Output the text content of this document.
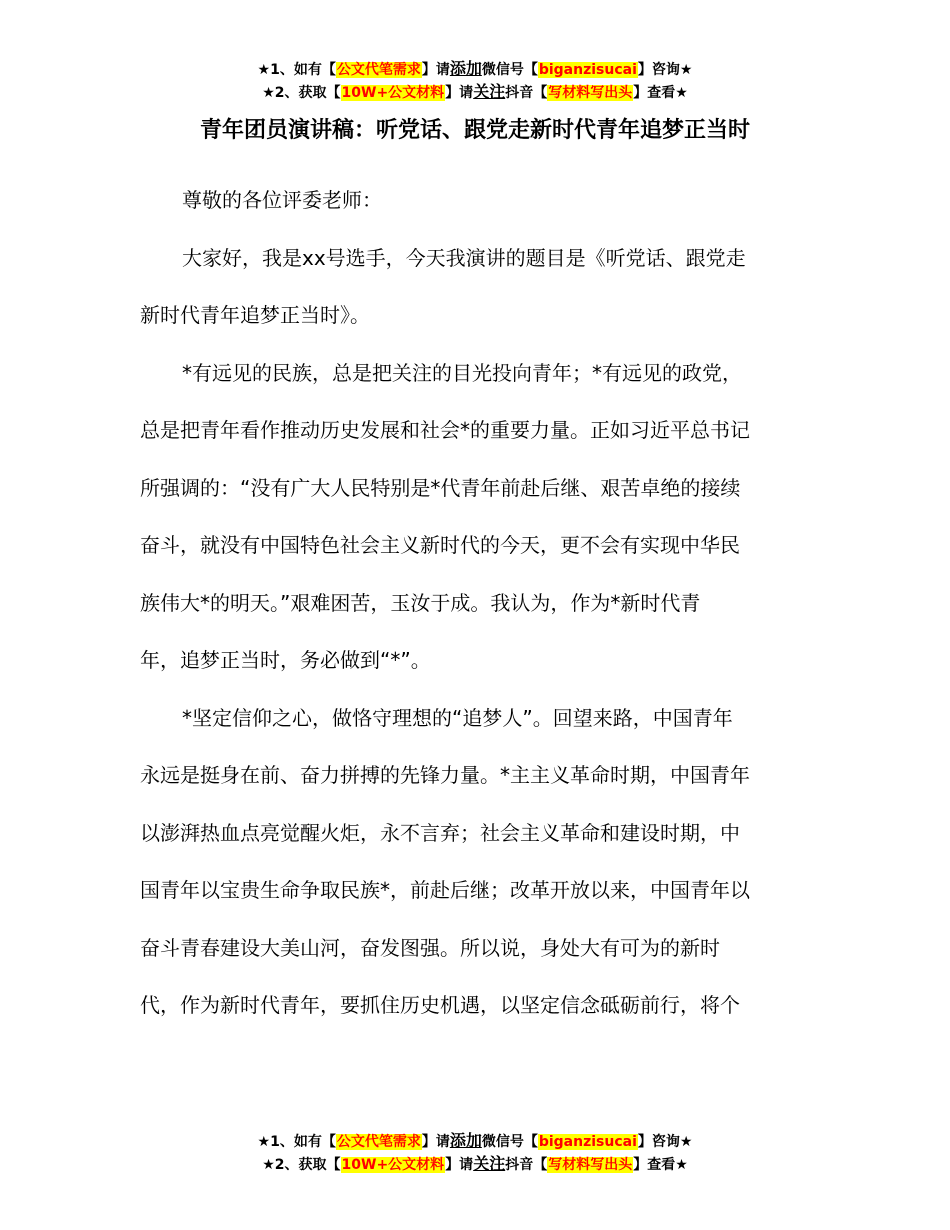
★1、如有【公文代笔需求】请添加微信号【biganzisucai】咨询★
★2、获取【10W+公文材料】请关注抖音【写材料写出头】查看★
青年团员演讲稿：听党话、跟党走新时代青年追梦正当时
尊敬的各位评委老师：
大家好，我是xx号选手，今天我演讲的题目是《听党话、跟党走
新时代青年追梦正当时》。
*有远见的民族，总是把关注的目光投向青年；*有远见的政党，
总是把青年看作推动历史发展和社会*的重要力量。正如习近平总书记
所强调的：“没有广大人民特别是*代青年前赴后继、艰苦卓绝的接续
奋斗，就没有中国特色社会主义新时代的今天，更不会有实现中华民
族伟大*的明天。”艰难困苦，玉汝于成。我认为，作为*新时代青
年，追梦正当时，务必做到“*”。
*坚定信仰之心，做恪守理想的“追梦人”。回望来路，中国青年
永远是挺身在前、奋力拼搏的先锋力量。*主主义革命时期，中国青年
以澎湃热血点亮觉醒火炬，永不言弃；社会主义革命和建设时期，中
国青年以宝贵生命争取民族*，前赴后继；改革开放以来，中国青年以
奋斗青春建设大美山河，奋发图强。所以说，身处大有可为的新时
代，作为新时代青年，要抓住历史机遇，以坚定信念砥砺前行，将个
★1、如有【公文代笔需求】请添加微信号【biganzisucai】咨询★
★2、获取【10W+公文材料】请关注抖音【写材料写出头】查看★
